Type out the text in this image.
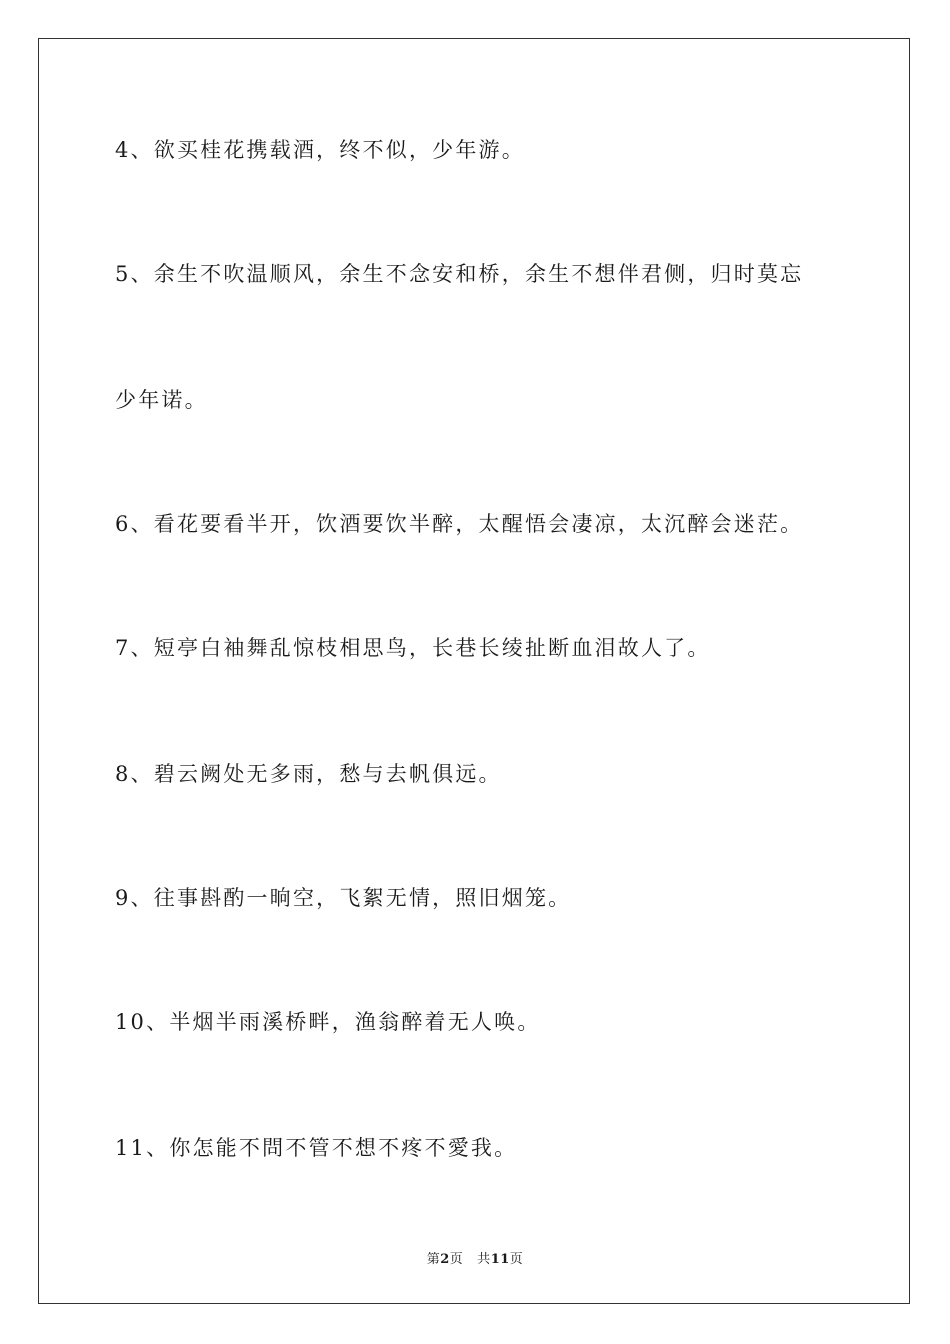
4、欲买桂花携载酒，终不似，少年游。
5、余生不吹温顺风，余生不念安和桥，余生不想伴君侧，归时莫忘
少年诺。
6、看花要看半开，饮酒要饮半醉，太醒悟会凄凉，太沉醉会迷茫。
7、短亭白袖舞乱惊枝相思鸟，长巷长绫扯断血泪故人了。
8、碧云阙处无多雨，愁与去帆俱远。
9、往事斟酌一晌空，飞絮无情，照旧烟笼。
10、半烟半雨溪桥畔，渔翁醉着无人唤。
11、你怎能不問不管不想不疼不愛我。
第2页 共11页
